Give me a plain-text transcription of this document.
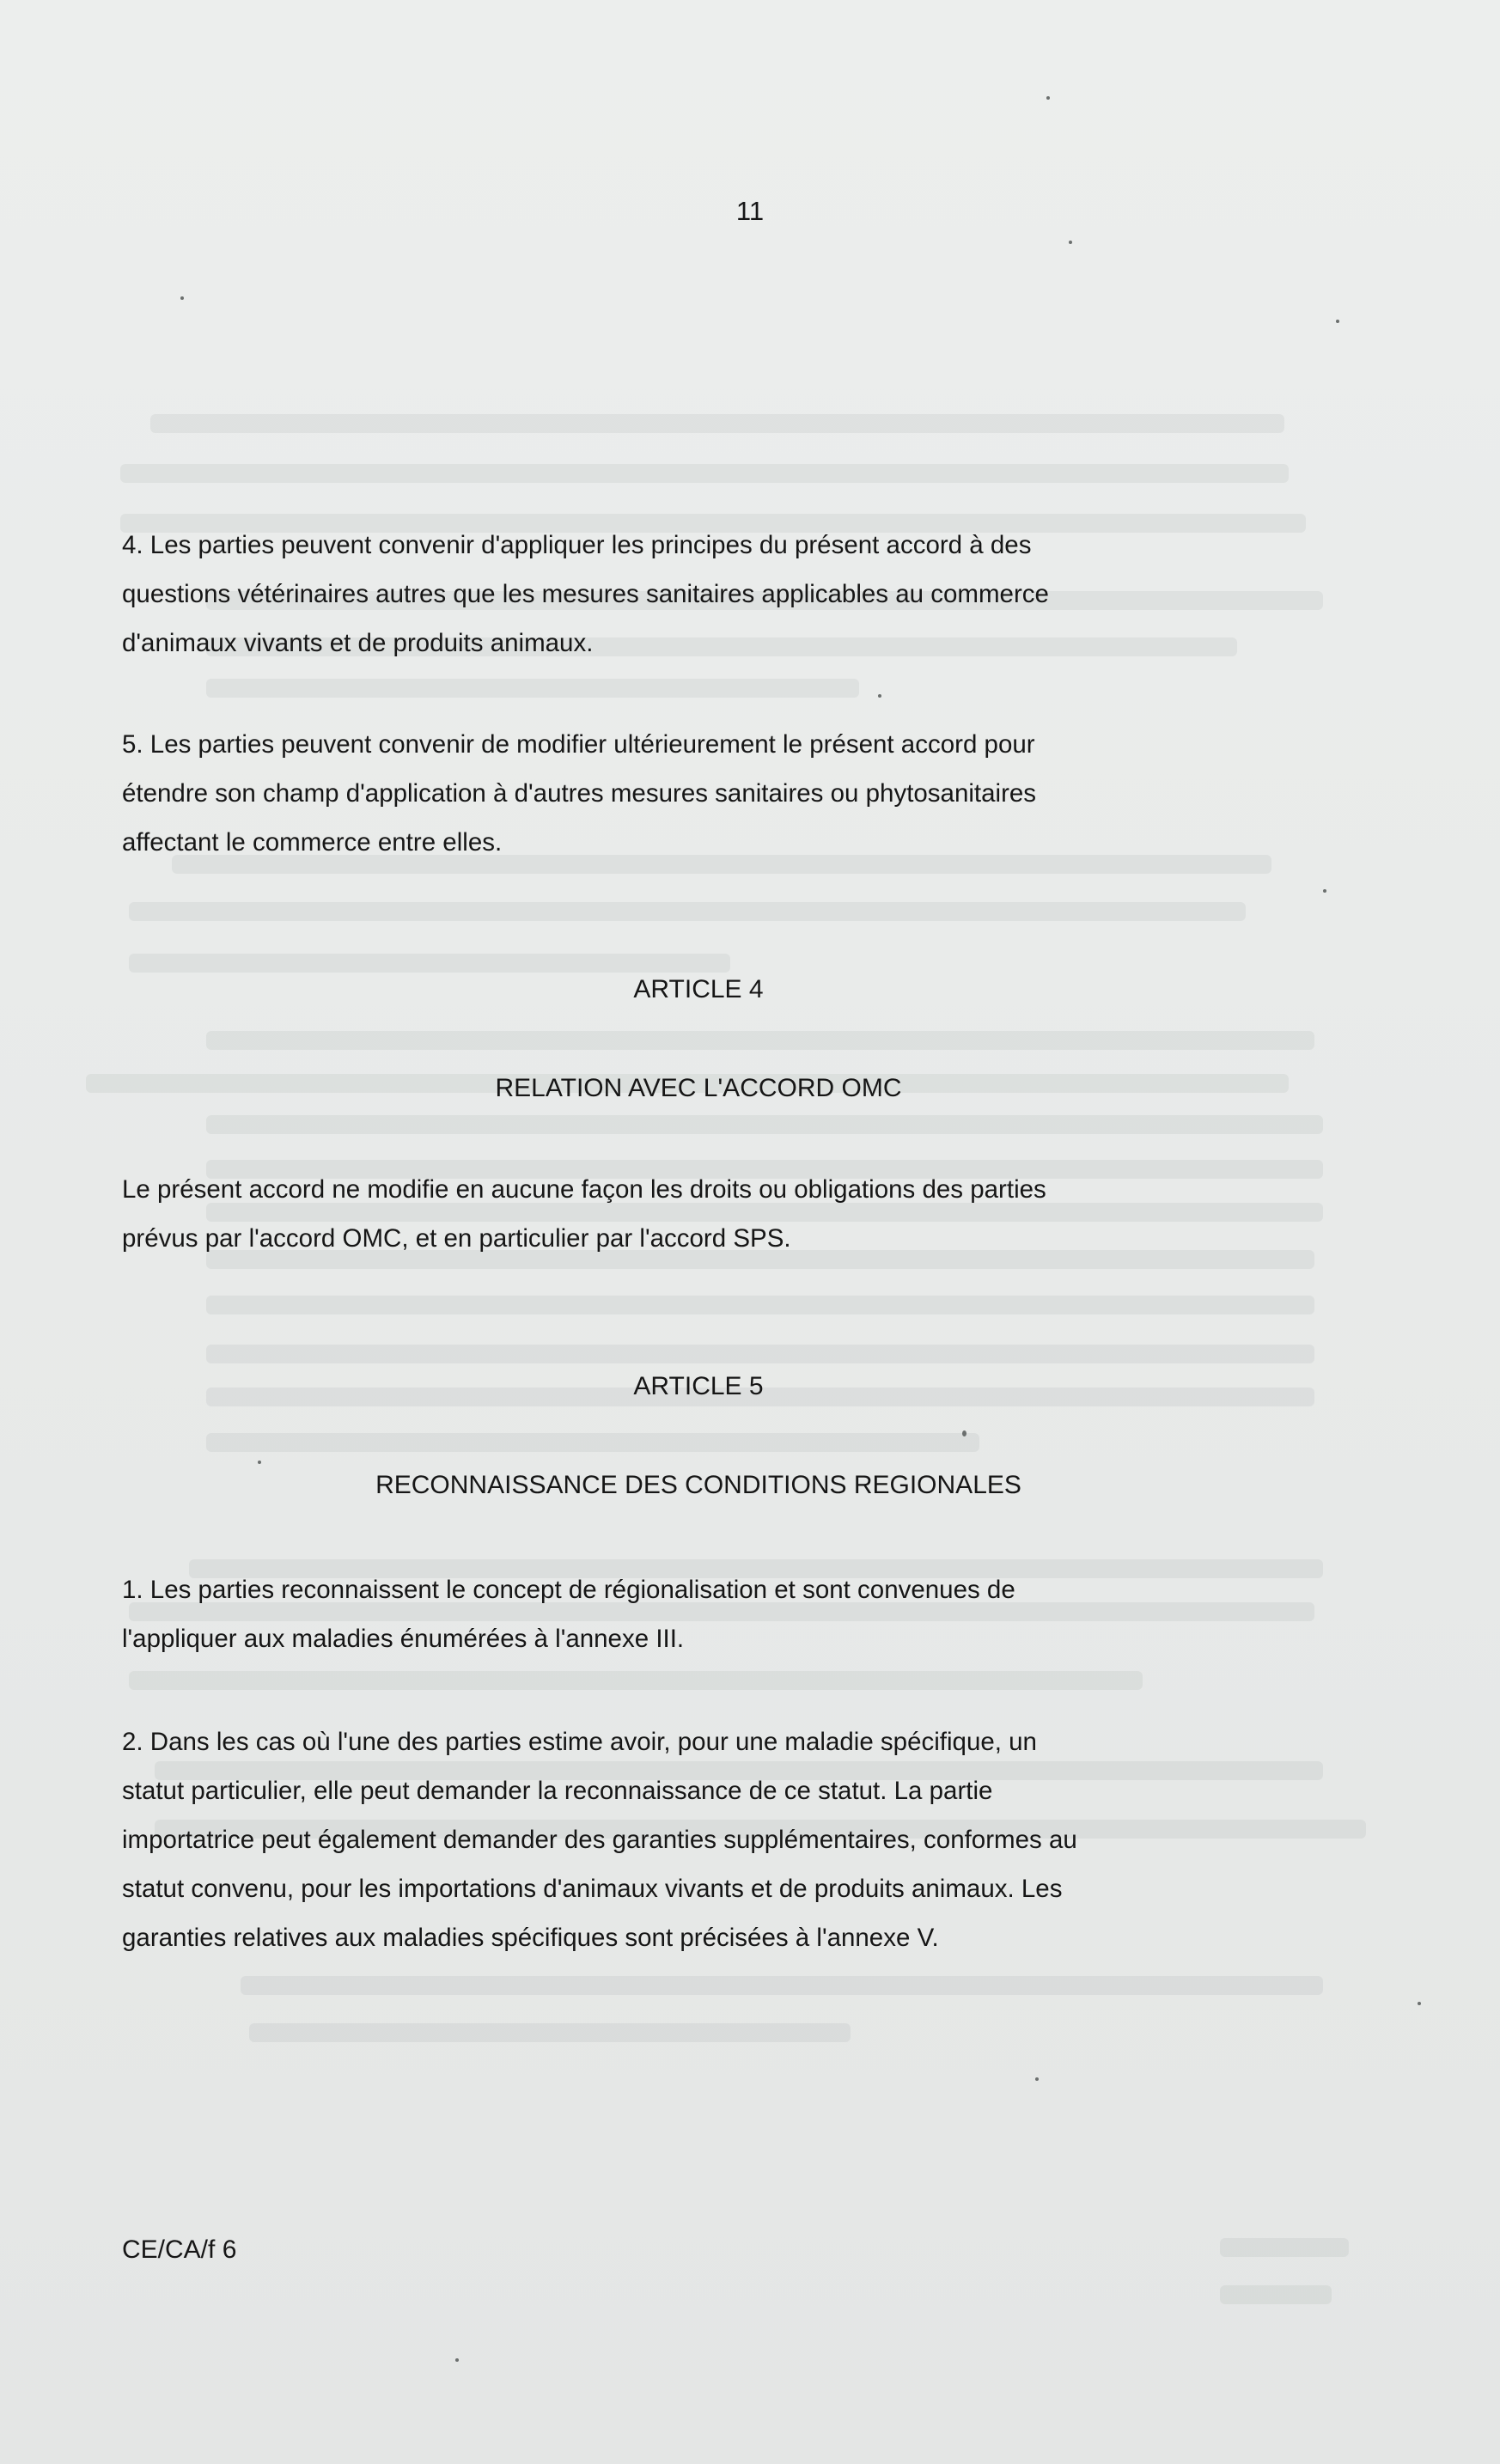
11

4. Les parties peuvent convenir d'appliquer les principes du présent accord à des
questions vétérinaires autres que les mesures sanitaires applicables au commerce
d'animaux vivants et de produits animaux.

5. Les parties peuvent convenir de modifier ultérieurement le présent accord pour
étendre son champ d'application à d'autres mesures sanitaires ou phytosanitaires
affectant le commerce entre elles.

ARTICLE 4
RELATION AVEC L'ACCORD OMC

Le présent accord ne modifie en aucune façon les droits ou obligations des parties
prévus par l'accord OMC, et en particulier par l'accord SPS.

ARTICLE 5
RECONNAISSANCE DES CONDITIONS REGIONALES

1. Les parties reconnaissent le concept de régionalisation et sont convenues de
l'appliquer aux maladies énumérées à l'annexe III.

2. Dans les cas où l'une des parties estime avoir, pour une maladie spécifique, un
statut particulier, elle peut demander la reconnaissance de ce statut. La partie
importatrice peut également demander des garanties supplémentaires, conformes au
statut convenu, pour les importations d'animaux vivants et de produits animaux. Les
garanties relatives aux maladies spécifiques sont précisées à l'annexe V.

CE/CA/f 6
